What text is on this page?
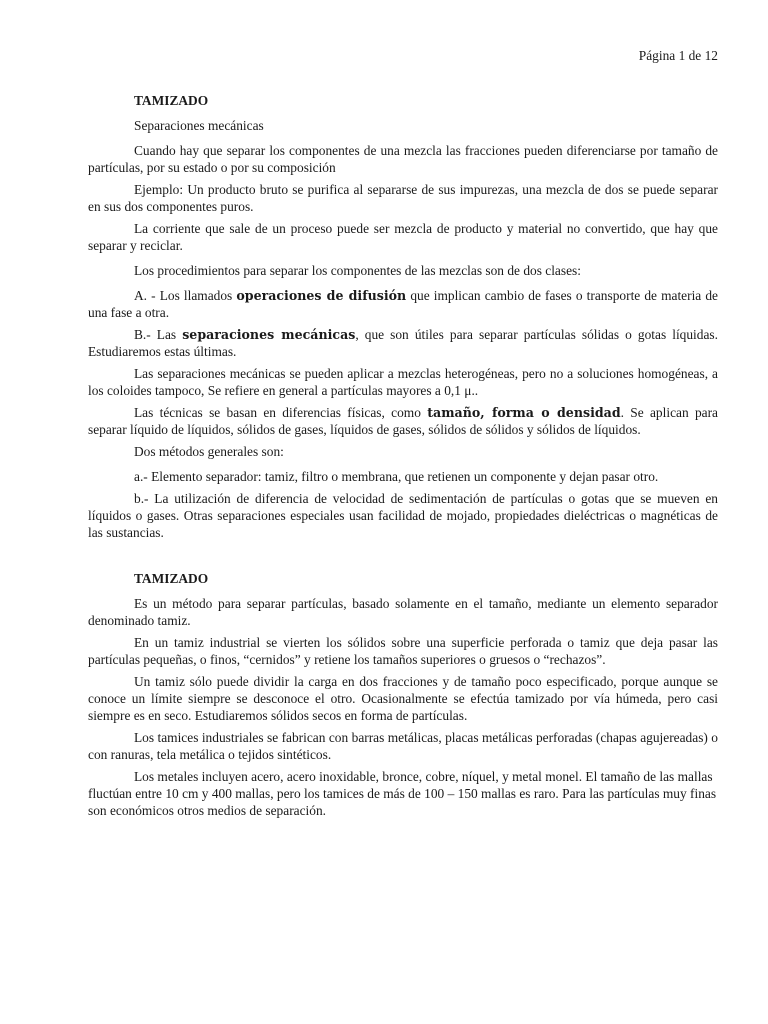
Página 1 de 12
TAMIZADO
Separaciones mecánicas

Cuando hay que separar los componentes de una mezcla las fracciones pueden diferenciarse por tamaño de partículas, por su estado o por su composición

Ejemplo: Un producto bruto se purifica al separarse de sus impurezas, una mezcla de dos se puede separar en sus dos componentes puros.

La corriente que sale de un proceso puede ser mezcla de producto y material no convertido, que hay que separar y reciclar.

Los procedimientos para separar los componentes de las mezclas son de dos clases:

A. - Los llamados operaciones de difusión que implican cambio de fases o transporte de materia de una fase a otra.

B.- Las separaciones mecánicas, que son útiles para separar partículas sólidas o gotas líquidas. Estudiaremos estas últimas.

Las separaciones mecánicas se pueden aplicar a mezclas heterogéneas, pero no a soluciones homogéneas, a los coloides tampoco, Se refiere en general a partículas mayores a 0,1 μ..

Las técnicas se basan en diferencias físicas, como tamaño, forma o densidad. Se aplican para separar líquido de líquidos, sólidos de gases, líquidos de gases, sólidos de sólidos y sólidos de líquidos.

Dos métodos generales son:

a.- Elemento separador: tamiz, filtro o membrana, que retienen un componente y dejan pasar otro.

b.- La utilización de diferencia de velocidad de sedimentación de partículas o gotas que se mueven en líquidos o gases. Otras separaciones especiales usan facilidad de mojado, propiedades dieléctricas o magnéticas de las sustancias.

TAMIZADO

Es un método para separar partículas, basado solamente en el tamaño, mediante un elemento separador denominado tamiz.

En un tamiz industrial se vierten los sólidos sobre una superficie perforada o tamiz que deja pasar las partículas pequeñas, o finos, “cernidos” y retiene los tamaños superiores o gruesos o “rechazos”.

Un tamiz sólo puede dividir la carga en dos fracciones y de tamaño poco especificado, porque aunque se conoce un límite siempre se desconoce el otro. Ocasionalmente se efectúa tamizado por vía húmeda, pero casi siempre es en seco. Estudiaremos sólidos secos en forma de partículas.

Los tamices industriales se fabrican con barras metálicas, placas metálicas perforadas (chapas agujereadas) o con ranuras, tela metálica o tejidos sintéticos.

Los metales incluyen acero, acero inoxidable, bronce, cobre, níquel, y metal monel. El tamaño de las mallas fluctúan entre 10 cm y 400 mallas, pero los tamices de más de 100 – 150 mallas es raro. Para las partículas muy finas son económicos otros medios de separación.
